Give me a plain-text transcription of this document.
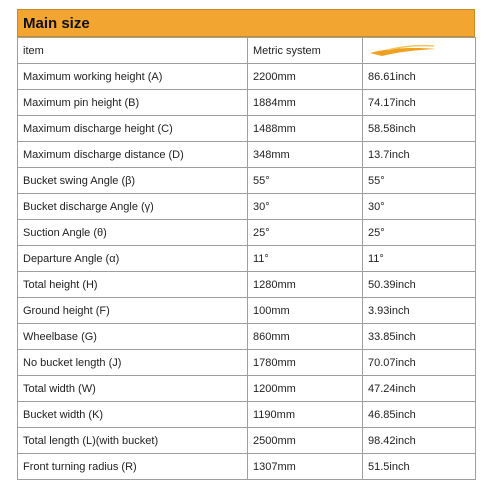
Main size
item	Metric system	
Maximum working height (A)	2200mm	86.61inch
Maximum pin height (B)	1884mm	74.17inch
Maximum discharge height (C)	1488mm	58.58inch
Maximum discharge distance (D)	348mm	13.7inch
Bucket swing Angle (β)	55°	55°
Bucket discharge Angle (γ)	30°	30°
Suction Angle (θ)	25°	25°
Departure Angle (α)	11°	11°
Total height (H)	1280mm	50.39inch
Ground height (F)	100mm	3.93inch
Wheelbase (G)	860mm	33.85inch
No bucket length (J)	1780mm	70.07inch
Total width (W)	1200mm	47.24inch
Bucket width (K)	1190mm	46.85inch
Total length (L)(with bucket)	2500mm	98.42inch
Front turning radius (R)	1307mm	51.5inch
